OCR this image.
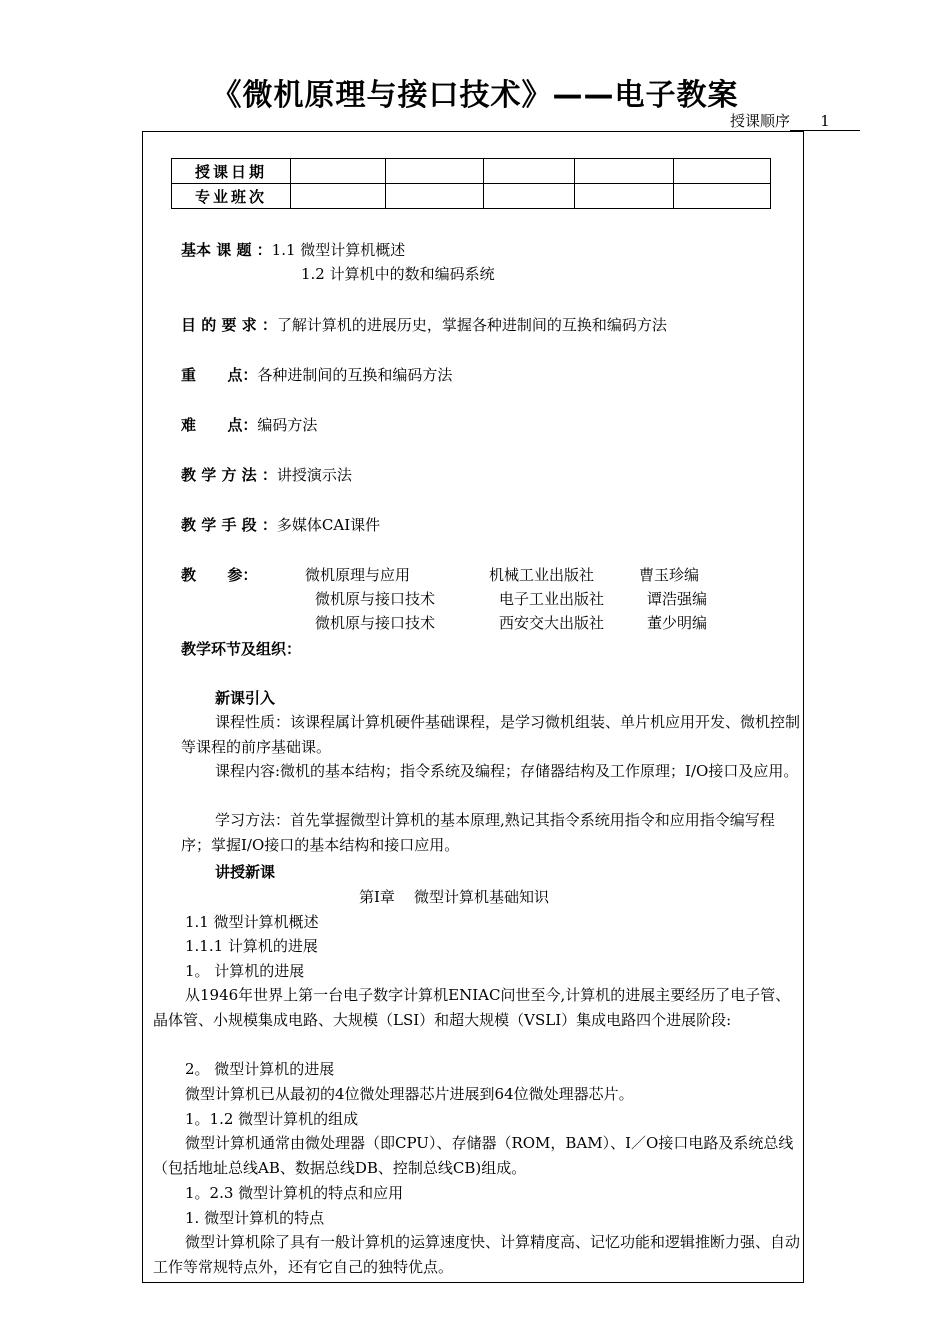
《微机原理与接口技术》——电子教案
授课顺序 1
授课日期					
专业班次					
基本 课 题 ：1.1 微型计算机概述
1.2 计算机中的数和编码系统
目 的 要 求 ：了解计算机的进展历史，掌握各种进制间的互换和编码方法
重      点：各种进制间的互换和编码方法
难      点：编码方法
教 学 方 法 ：讲授演示法
教 学 手 段 ：多媒体CAI课件
教      参：	微机原理与应用	机械工业出版社	曹玉珍编
微机原与接口技术	电子工业出版社	谭浩强编
微机原与接口技术	西安交大出版社	董少明编
教学环节及组织：
新课引入
课程性质：该课程属计算机硬件基础课程，是学习微机组装、单片机应用开发、微机控制等课程的前序基础课。
课程内容:微机的基本结构；指令系统及编程；存储器结构及工作原理；I/O接口及应用。
学习方法：首先掌握微型计算机的基本原理,熟记其指令系统用指令和应用指令编写程序；掌握I/O接口的基本结构和接口应用。
讲授新课
第Ⅰ章    微型计算机基础知识
1.1 微型计算机概述
1.1.1 计算机的进展
1。 计算机的进展
从1946年世界上第一台电子数字计算机ENIAC问世至今,计算机的进展主要经历了电子管、晶体管、小规模集成电路、大规模（LSI）和超大规模（VSLI）集成电路四个进展阶段:
2。 微型计算机的进展
微型计算机已从最初的4位微处理器芯片进展到64位微处理器芯片。
1。1.2 微型计算机的组成
微型计算机通常由微处理器（即CPU）、存储器（ROM，BAM）、I／O接口电路及系统总线（包括地址总线AB、数据总线DB、控制总线CB)组成。
1。2.3 微型计算机的特点和应用
1. 微型计算机的特点
微型计算机除了具有一般计算机的运算速度快、计算精度高、记忆功能和逻辑推断力强、自动工作等常规特点外，还有它自己的独特优点。
